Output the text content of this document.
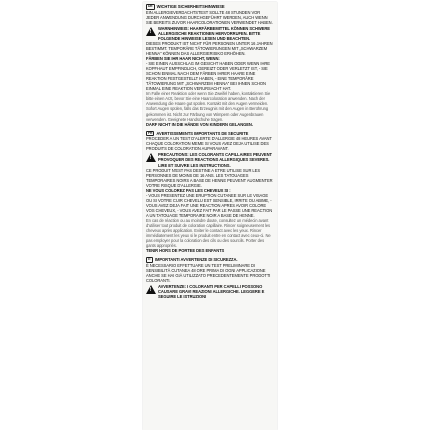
DE WICHTIGE SICHERHEITSHINWEISE

EIN ALLERGIEVERDACHTSTEST SOLLTE 48 STUNDEN VOR JEDER ANWENDUNG DURCHGEFÜHRT WERDEN, AUCH WENN SIE BEREITS ZUVOR HAARCOLORATIONEN VERWENDET HABEN.

!
WARNHINWEIS: HAARFÄRBEMITTEL KÖNNEN SCHWERE ALLERGISCHE REAKTIONEN HERVORRUFEN. BITTE FOLGENDE HINWEISE LESEN UND BEACHTEN.

DIESES PRODUKT IST NICHT FÜR PERSONEN UNTER 16 JAHREN BESTIMMT. TEMPORÄRE TÄTOWIERUNGEN MIT „SCHWARZEM HENNA" KÖNNEN DAS ALLERGIERISIKO ERHÖHEN.

FÄRBEN SIE IHR HAAR NICHT, WENN:

- SIE EINEN AUSSCHLAG IM GESICHT HABEN ODER WENN IHRE KOPFHAUT EMPFINDLICH, GEREIZT ODER VERLETZT IST, - SIE SCHON EINMAL NACH DEM FÄRBEN IHRER HAARE EINE REAKTION FESTGESTELLT HABEN, - EINE TEMPORÄRE TÄTOWIERUNG MIT „SCHWARZEM HENNA" BEI IHNEN SCHON EINMAL EINE REAKTION VERURSACHT HAT.

Im Falle einer Reaktion oder wenn Sie Zweifel haben, kontaktieren Sie bitte einen Arzt, bevor Sie eine Haarcoloration anwenden. Nach der Anwendung die Haare gut spülen. Kontakt mit den Augen vermeiden. Sofort Augen spülen, falls das Erzeugnis mit den Augen in Berührung gekommen ist. Nicht zur Färbung von Wimpern oder Augenbrauen verwenden. Geeignete Handschuhe tragen.

DARF NICHT IN DIE HÄNDE VON KINDERN GELANGEN.

FR AVERTISSEMENTS IMPORTANTS DE SECURITE

PROCEDER A UN TEST D'ALERTE D'ALLERGIE 48 HEURES AVANT CHAQUE COLORATION MEME SI VOUS AVEZ DEJA UTILISE DES PRODUITS DE COLORATION AUPARAVANT.

!
PRECAUTIONS: LES COLORANTS CAPILLAIRES PEUVENT PROVOQUER DES REACTIONS ALLERGIQUES SEVERES. LIRE ET SUIVRE LES INSTRUCTIONS.

CE PRODUIT N'EST PAS DESTINE A ETRE UTILISE SUR LES PERSONNES DE MOINS DE 16 ANS. LES TATOUAGES TEMPORAIRES NOIRS A BASE DE HENNE PEUVENT AUGMENTER VOTRE RISQUE D'ALLERGIE.

NE VOUS COLOREZ PAS LES CHEVEUX SI :

- VOUS PRESENTEZ UNE ERUPTION CUTANEE SUR LE VISAGE OU SI VOTRE CUIR CHEVELU EST SENSIBLE, IRRITE OU ABIME, - VOUS AVEZ DEJA FAIT UNE REACTION APRES AVOIR COLORE VOS CHEVEUX, - VOUS AVEZ FAIT PAR LE PASSE UNE REACTION A UN TATOUAGE TEMPORAIRE NOIR A BASE DE HENNE.

En cas de réaction ou au moindre doute, consultez un médecin avant d'utiliser tout produit de coloration capillaire. Rincer soigneusement les cheveux après application. Eviter le contact avec les yeux. Rincer immédiatement les yeux si le produit entre en contact avec ceux-ci. Ne pas employer pour la coloration des cils ou des sourcils. Porter des gants appropriés.

TENIR HORS DE PORTEE DES ENFANTS

IT IMPORTANTI AVVERTENZE DI SICUREZZA.

È NECESSARIO EFFETTUARE UN TEST PRELIMINARE DI SENSIBILITÀ CUTANEA 48 ORE PRIMA DI OGNI APPLICAZIONE ANCHE SE HAI GIÀ UTILIZZATO PRECEDENTEMENTE PRODOTTI COLORANTI.

!
AVVERTENZE: I COLORANTI PER CAPELLI POSSONO CAUSARE GRAVI REAZIONI ALLERGICHE. LEGGERE E SEGUIRE LE ISTRUZIONI
